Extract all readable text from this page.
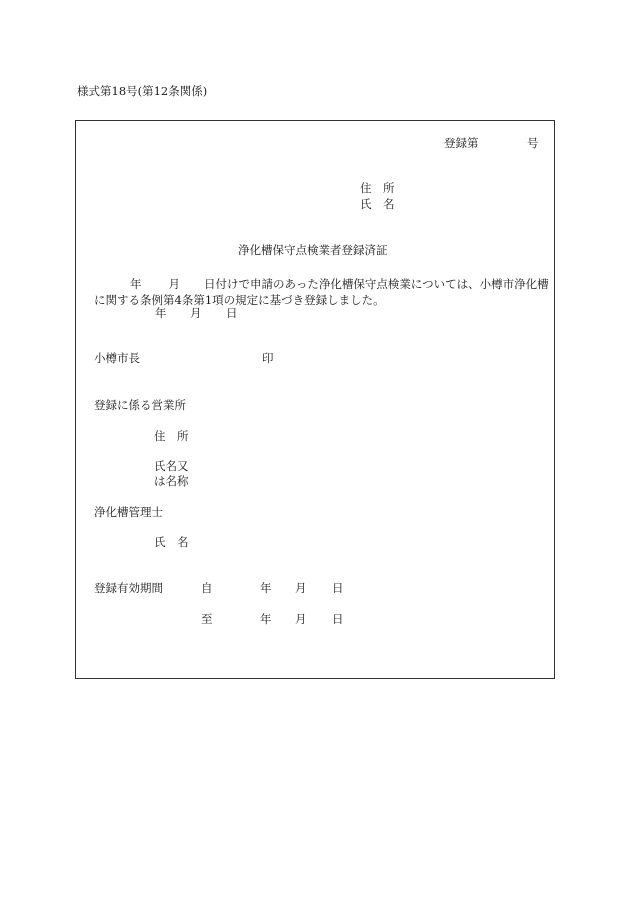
様式第18号(第12条関係)
登録第	号
住　所
氏　名
浄化槽保守点検業者登録済証
年 月 日付けで申請のあった浄化槽保守点検業については、小樽市浄化槽
に関する条例第4条第1項の規定に基づき登録しました。
年 月 日
小樽市長	印
登録に係る営業所
住　所
氏名又
は名称
浄化槽管理士
氏　名
登録有効期間	自	年 月 日
至	年 月 日
